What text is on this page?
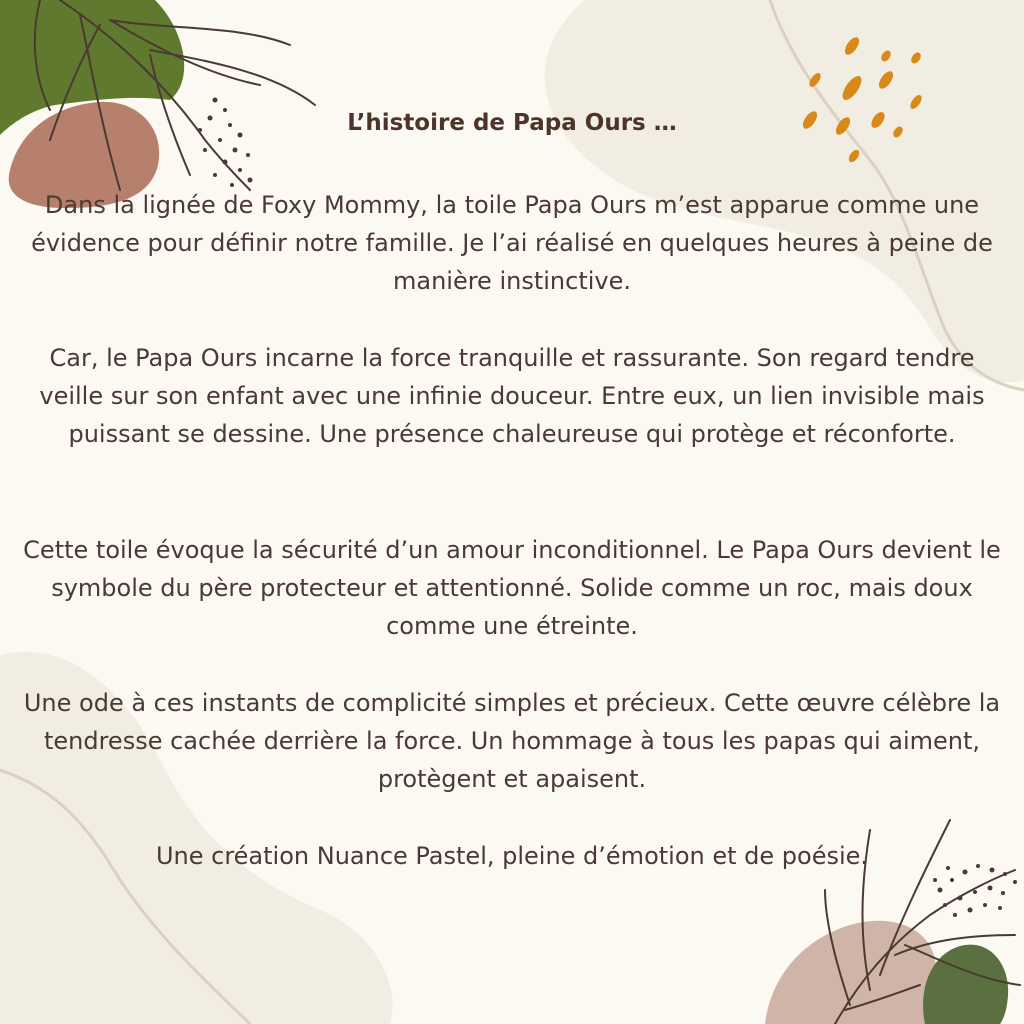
L’histoire de Papa Ours …

Dans la lignée de Foxy Mommy, la toile Papa Ours m’est apparue comme une évidence pour définir notre famille. Je l’ai réalisé en quelques heures à peine de manière instinctive.

Car, le Papa Ours incarne la force tranquille et rassurante. Son regard tendre veille sur son enfant avec une infinie douceur. Entre eux, un lien invisible mais puissant se dessine. Une présence chaleureuse qui protège et réconforte.

Cette toile évoque la sécurité d’un amour inconditionnel. Le Papa Ours devient le symbole du père protecteur et attentionné. Solide comme un roc, mais doux comme une étreinte.

Une ode à ces instants de complicité simples et précieux. Cette œuvre célèbre la tendresse cachée derrière la force. Un hommage à tous les papas qui aiment, protègent et apaisent.

Une création Nuance Pastel, pleine d’émotion et de poésie.
